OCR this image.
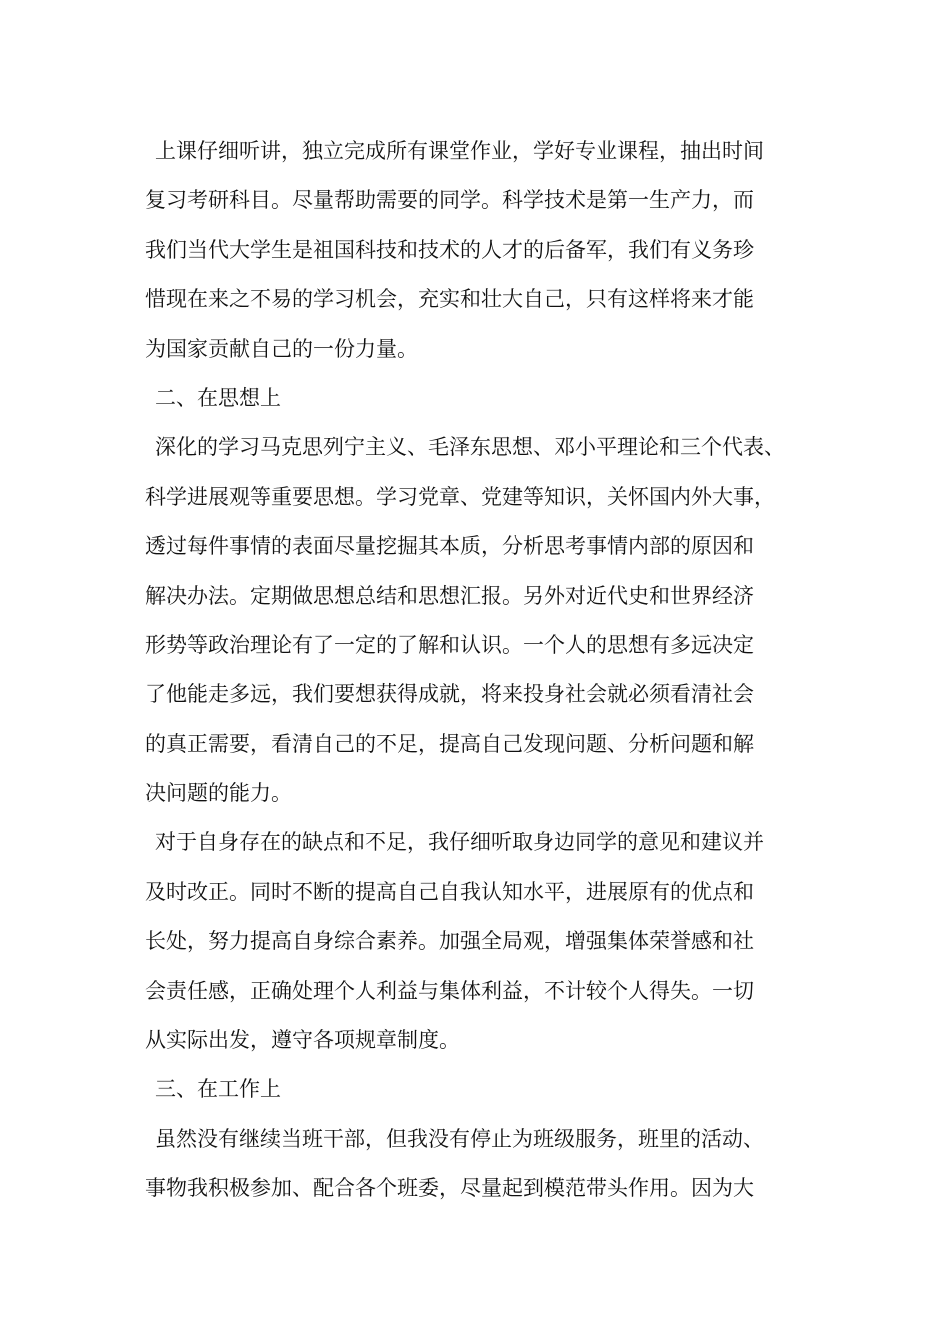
上课仔细听讲，独立完成所有课堂作业，学好专业课程，抽出时间
复习考研科目。尽量帮助需要的同学。科学技术是第一生产力，而
我们当代大学生是祖国科技和技术的人才的后备军，我们有义务珍
惜现在来之不易的学习机会，充实和壮大自己，只有这样将来才能
为国家贡献自己的一份力量。
二、在思想上
深化的学习马克思列宁主义、毛泽东思想、邓小平理论和三个代表、
科学进展观等重要思想。学习党章、党建等知识，关怀国内外大事，
透过每件事情的表面尽量挖掘其本质，分析思考事情内部的原因和
解决办法。定期做思想总结和思想汇报。另外对近代史和世界经济
形势等政治理论有了一定的了解和认识。一个人的思想有多远决定
了他能走多远，我们要想获得成就，将来投身社会就必须看清社会
的真正需要，看清自己的不足，提高自己发现问题、分析问题和解
决问题的能力。
对于自身存在的缺点和不足，我仔细听取身边同学的意见和建议并
及时改正。同时不断的提高自己自我认知水平，进展原有的优点和
长处，努力提高自身综合素养。加强全局观，增强集体荣誉感和社
会责任感，正确处理个人利益与集体利益，不计较个人得失。一切
从实际出发，遵守各项规章制度。
三、在工作上
虽然没有继续当班干部，但我没有停止为班级服务，班里的活动、
事物我积极参加、配合各个班委，尽量起到模范带头作用。因为大
